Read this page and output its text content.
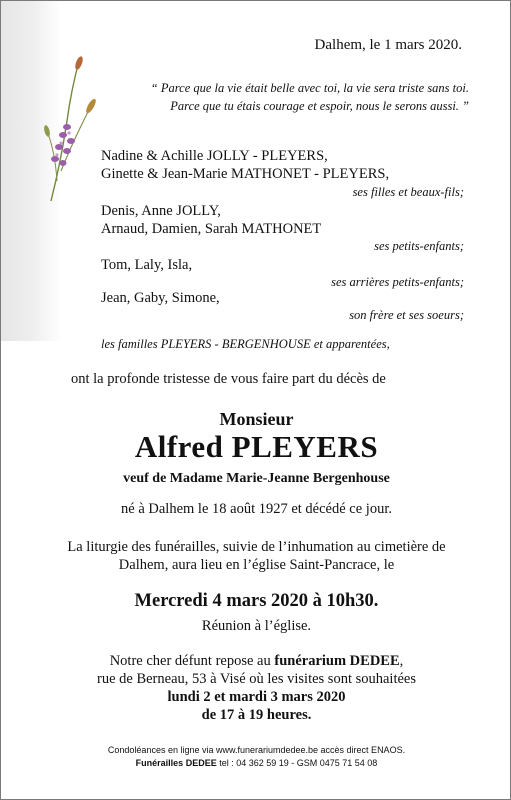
Dalhem, le 1 mars 2020.
“ Parce que la vie était belle avec toi, la vie sera triste sans toi.
Parce que tu étais courage et espoir, nous le serons aussi. ”
Nadine & Achille JOLLY - PLEYERS,
Ginette & Jean-Marie MATHONET - PLEYERS,
ses filles et beaux-fils;
Denis, Anne JOLLY,
Arnaud, Damien, Sarah MATHONET
ses petits-enfants;
Tom, Laly, Isla,
ses arrières petits-enfants;
Jean, Gaby, Simone,
son frère et ses soeurs;
les familles PLEYERS - BERGENHOUSE et apparentées,
ont la profonde tristesse de vous faire part du décès de
Monsieur
Alfred PLEYERS
veuf de Madame Marie-Jeanne Bergenhouse
né à Dalhem le 18 août 1927 et décédé ce jour.
La liturgie des funérailles, suivie de l’inhumation au cimetière de
Dalhem, aura lieu en l’église Saint-Pancrace, le
Mercredi 4 mars 2020 à 10h30.
Réunion à l’église.
Notre cher défunt repose au funérarium DEDEE,
rue de Berneau, 53 à Visé où les visites sont souhaitées
lundi 2 et mardi 3 mars 2020
de 17 à 19 heures.
Condoléances en ligne via www.funerariumdedee.be accès direct ENAOS.
Funérailles DEDEE tel : 04 362 59 19 - GSM 0475 71 54 08
